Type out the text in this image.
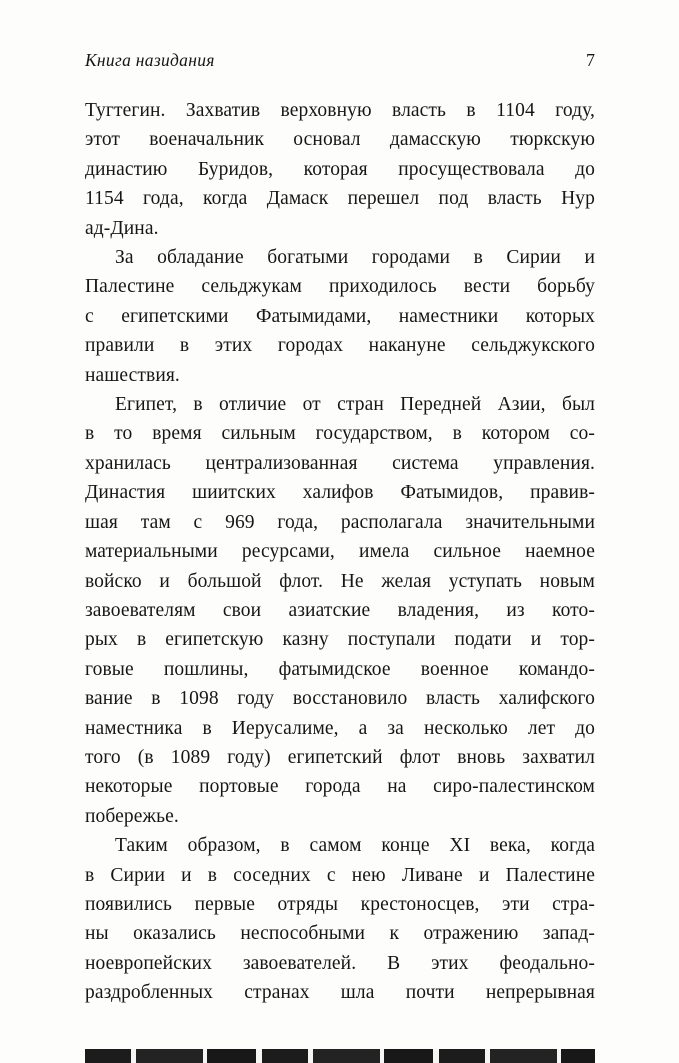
Книга назидания	7

Тугтегин. Захватив верховную власть в 1104 году,
этот военачальник основал дамасскую тюркскую
династию Буридов, которая просуществовала до
1154 года, когда Дамаск перешел под власть Нур
ад-Дина.

За обладание богатыми городами в Сирии и
Палестине сельджукам приходилось вести борьбу
с египетскими Фатымидами, наместники которых
правили в этих городах накануне сельджукского
нашествия.

Египет, в отличие от стран Передней Азии, был
в то время сильным государством, в котором со-
хранилась централизованная система управления.
Династия шиитских халифов Фатымидов, правив-
шая там с 969 года, располагала значительными
материальными ресурсами, имела сильное наемное
войско и большой флот. Не желая уступать новым
завоевателям свои азиатские владения, из кото-
рых в египетскую казну поступали подати и тор-
говые пошлины, фатымидское военное командо-
вание в 1098 году восстановило власть халифского
наместника в Иерусалиме, а за несколько лет до
того (в 1089 году) египетский флот вновь захватил
некоторые портовые города на сиро-палестинском
побережье.

Таким образом, в самом конце XI века, когда
в Сирии и в соседних с нею Ливане и Палестине
появились первые отряды крестоносцев, эти стра-
ны оказались неспособными к отражению запад-
ноевропейских завоевателей. В этих феодально-
раздробленных странах шла почти непрерывная
